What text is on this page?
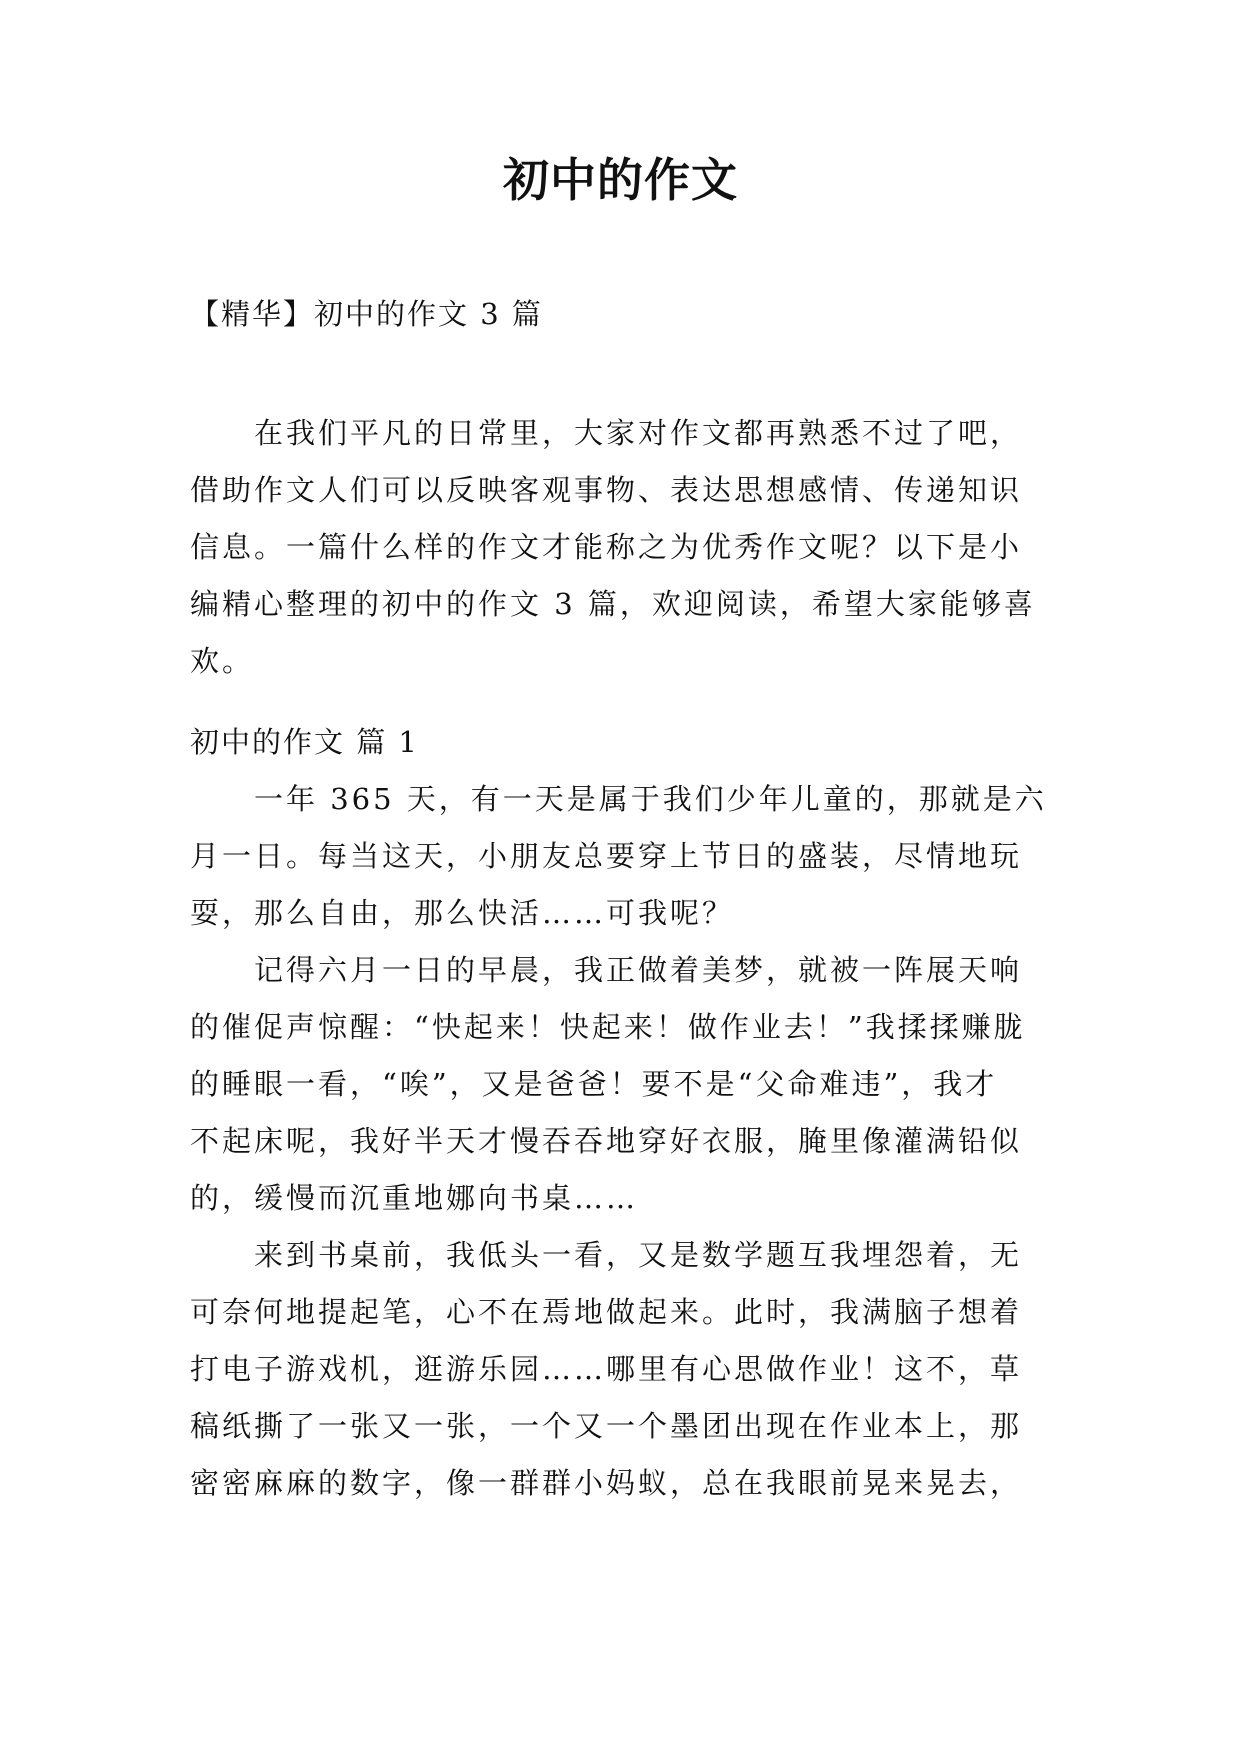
初中的作文

【精华】初中的作文 3 篇

　　在我们平凡的日常里，大家对作文都再熟悉不过了吧，
借助作文人们可以反映客观事物、表达思想感情、传递知识
信息。一篇什么样的作文才能称之为优秀作文呢？以下是小
编精心整理的初中的作文 3 篇，欢迎阅读，希望大家能够喜
欢。

初中的作文 篇 1

　　一年 365 天，有一天是属于我们少年儿童的，那就是六
月一日。每当这天，小朋友总要穿上节日的盛装，尽情地玩
耍，那么自由，那么快活……可我呢？
　　记得六月一日的早晨，我正做着美梦，就被一阵展天响
的催促声惊醒：“快起来！快起来！做作业去！”我揉揉赚胧
的睡眼一看，“唉”，又是爸爸！要不是“父命难违”，我才
不起床呢，我好半天才慢吞吞地穿好衣服，腌里像灌满铅似
的，缓慢而沉重地娜向书桌……
　　来到书桌前，我低头一看，又是数学题互我埋怨着，无
可奈何地提起笔，心不在焉地做起来。此时，我满脑子想着
打电子游戏机，逛游乐园……哪里有心思做作业！这不，草
稿纸撕了一张又一张，一个又一个墨团出现在作业本上，那
密密麻麻的数字，像一群群小妈蚁，总在我眼前晃来晃去，
